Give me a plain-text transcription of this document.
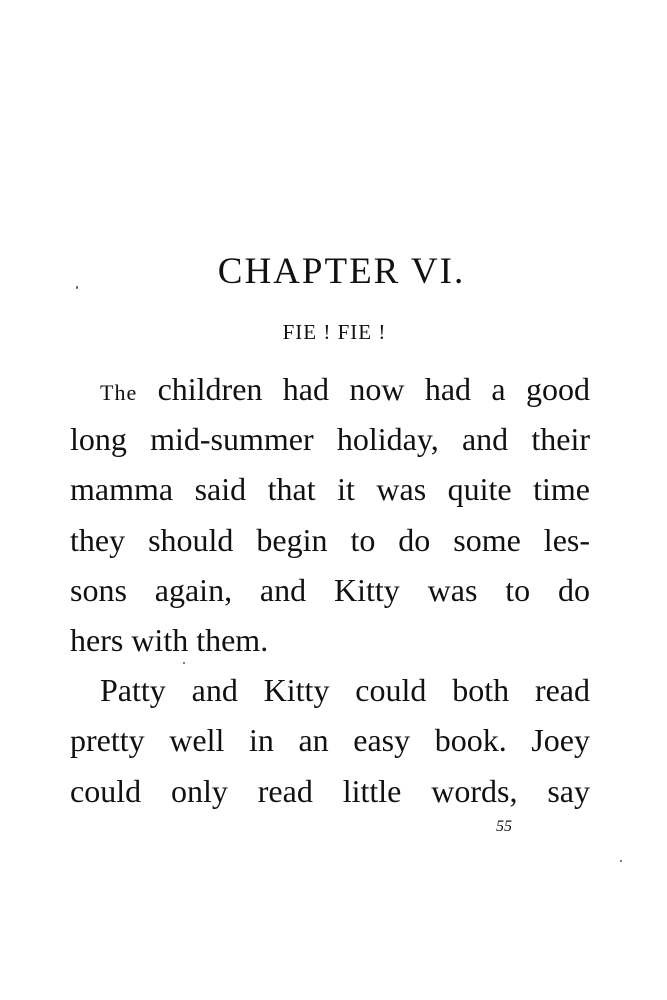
CHAPTER VI.

FIE ! FIE !

The children had now had a good
long mid-summer holiday, and their
mamma said that it was quite time
they should begin to do some les-
sons again, and Kitty was to do
hers with them.
Patty and Kitty could both read
pretty well in an easy book. Joey
could only read little words, say

55
